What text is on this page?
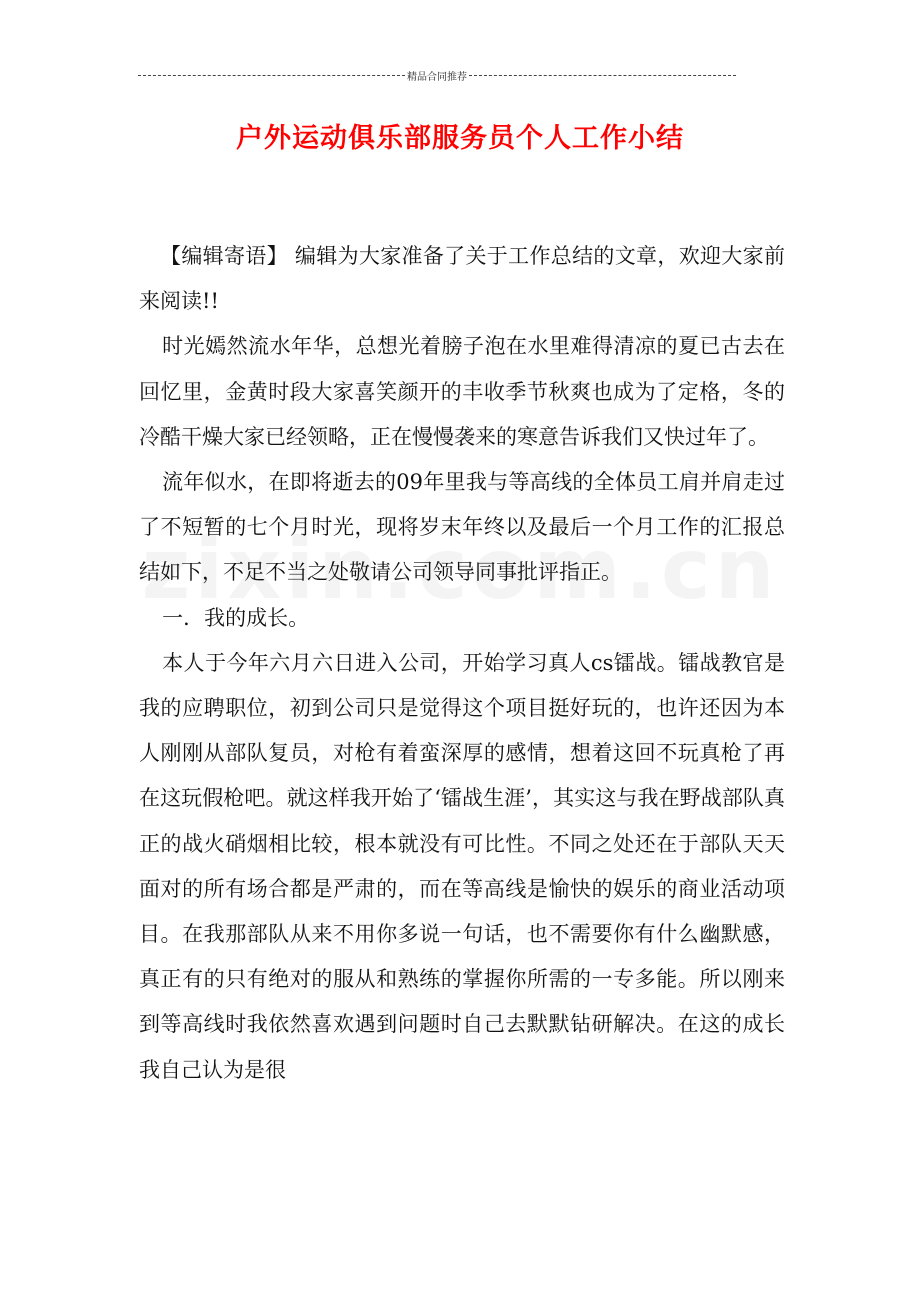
精品合同推荐
户外运动俱乐部服务员个人工作小结

【编辑寄语】 编辑为大家准备了关于工作总结的文章，欢迎大家前来阅读!!

时光嫣然流水年华，总想光着膀子泡在水里难得清凉的夏已古去在回忆里，金黄时段大家喜笑颜开的丰收季节秋爽也成为了定格，冬的冷酷干燥大家已经领略，正在慢慢袭来的寒意告诉我们又快过年了。

流年似水，在即将逝去的09年里我与等高线的全体员工肩并肩走过了不短暂的七个月时光，现将岁末年终以及最后一个月工作的汇报总结如下，不足不当之处敬请公司领导同事批评指正。

一．我的成长。

本人于今年六月六日进入公司，开始学习真人cs镭战。镭战教官是我的应聘职位，初到公司只是觉得这个项目挺好玩的，也许还因为本人刚刚从部队复员，对枪有着蛮深厚的感情，想着这回不玩真枪了再在这玩假枪吧。就这样我开始了‘镭战生涯’，其实这与我在野战部队真正的战火硝烟相比较，根本就没有可比性。不同之处还在于部队天天面对的所有场合都是严肃的，而在等高线是愉快的娱乐的商业活动项目。在我那部队从来不用你多说一句话，也不需要你有什么幽默感，真正有的只有绝对的服从和熟练的掌握你所需的一专多能。所以刚来到等高线时我依然喜欢遇到问题时自己去默默钻研解决。在这的成长我自己认为是很
